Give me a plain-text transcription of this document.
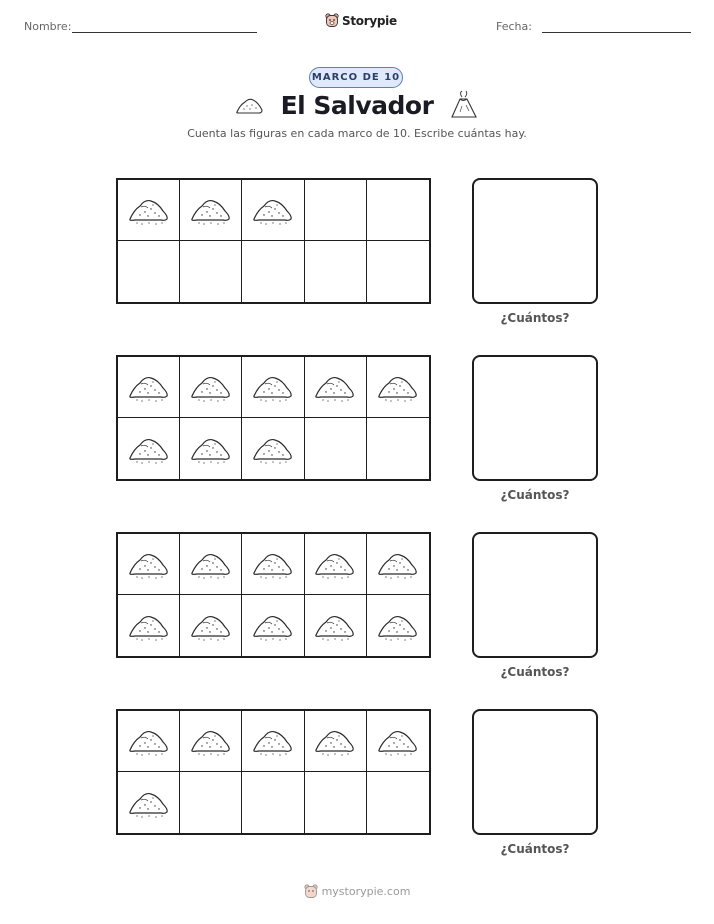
Nombre:	Storypie	Fecha:
MARCO DE 10
El Salvador
Cuenta las figuras en cada marco de 10. Escribe cuántas hay.
¿Cuántos?
¿Cuántos?
¿Cuántos?
¿Cuántos?
mystorypie.com
